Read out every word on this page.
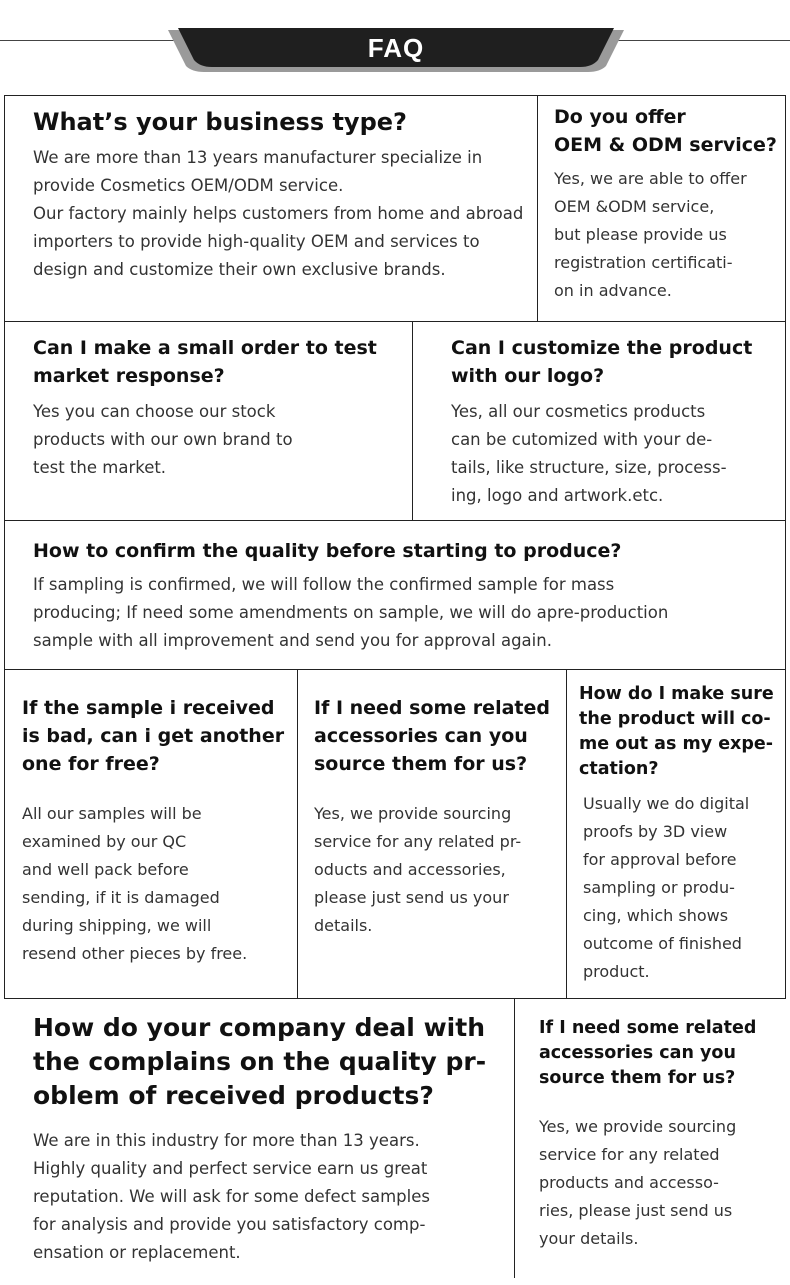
FAQ
What’s your business type?

We are more than 13 years manufacturer specialize in provide Cosmetics OEM/ODM service.
Our factory mainly helps customers from home and abroad importers to provide high-quality OEM and services to design and customize their own exclusive brands.

Do you offer
OEM & ODM service?

Yes, we are able to offer
OEM &ODM service,
but please provide us
registration certificati-
on in advance.

Can I make a small order to test
market response?

Yes you can choose our stock
products with our own brand to
test the market.

Can I customize the product
with our logo?

Yes, all our cosmetics products
can be cutomized with your de-
tails, like structure, size, process-
ing, logo and artwork.etc.

How to confirm the quality before starting to produce?

If sampling is confirmed, we will follow the confirmed sample for mass
producing; If need some amendments on sample, we will do apre-production
sample with all improvement and send you for approval again.

If the sample i received
is bad, can i get another
one for free?

All our samples will be
examined by our QC
and well pack before
sending, if it is damaged
during shipping, we will
resend other pieces by free.

If I need some related
accessories can you
source them for us?

Yes, we provide sourcing
service for any related pr-
oducts and accessories,
please just send us your
details.

How do I make sure
the product will co-
me out as my expe-
ctation?

Usually we do digital
proofs by 3D view
for approval before
sampling or produ-
cing, which shows
outcome of finished
product.

How do your company deal with
the complains on the quality pr-
oblem of received products?

We are in this industry for more than 13 years.
Highly quality and perfect service earn us great
reputation. We will ask for some defect samples
for analysis and provide you satisfactory comp-
ensation or replacement.

If I need some related
accessories can you
source them for us?

Yes, we provide sourcing
service for any related
products and accesso-
ries, please just send us
your details.
